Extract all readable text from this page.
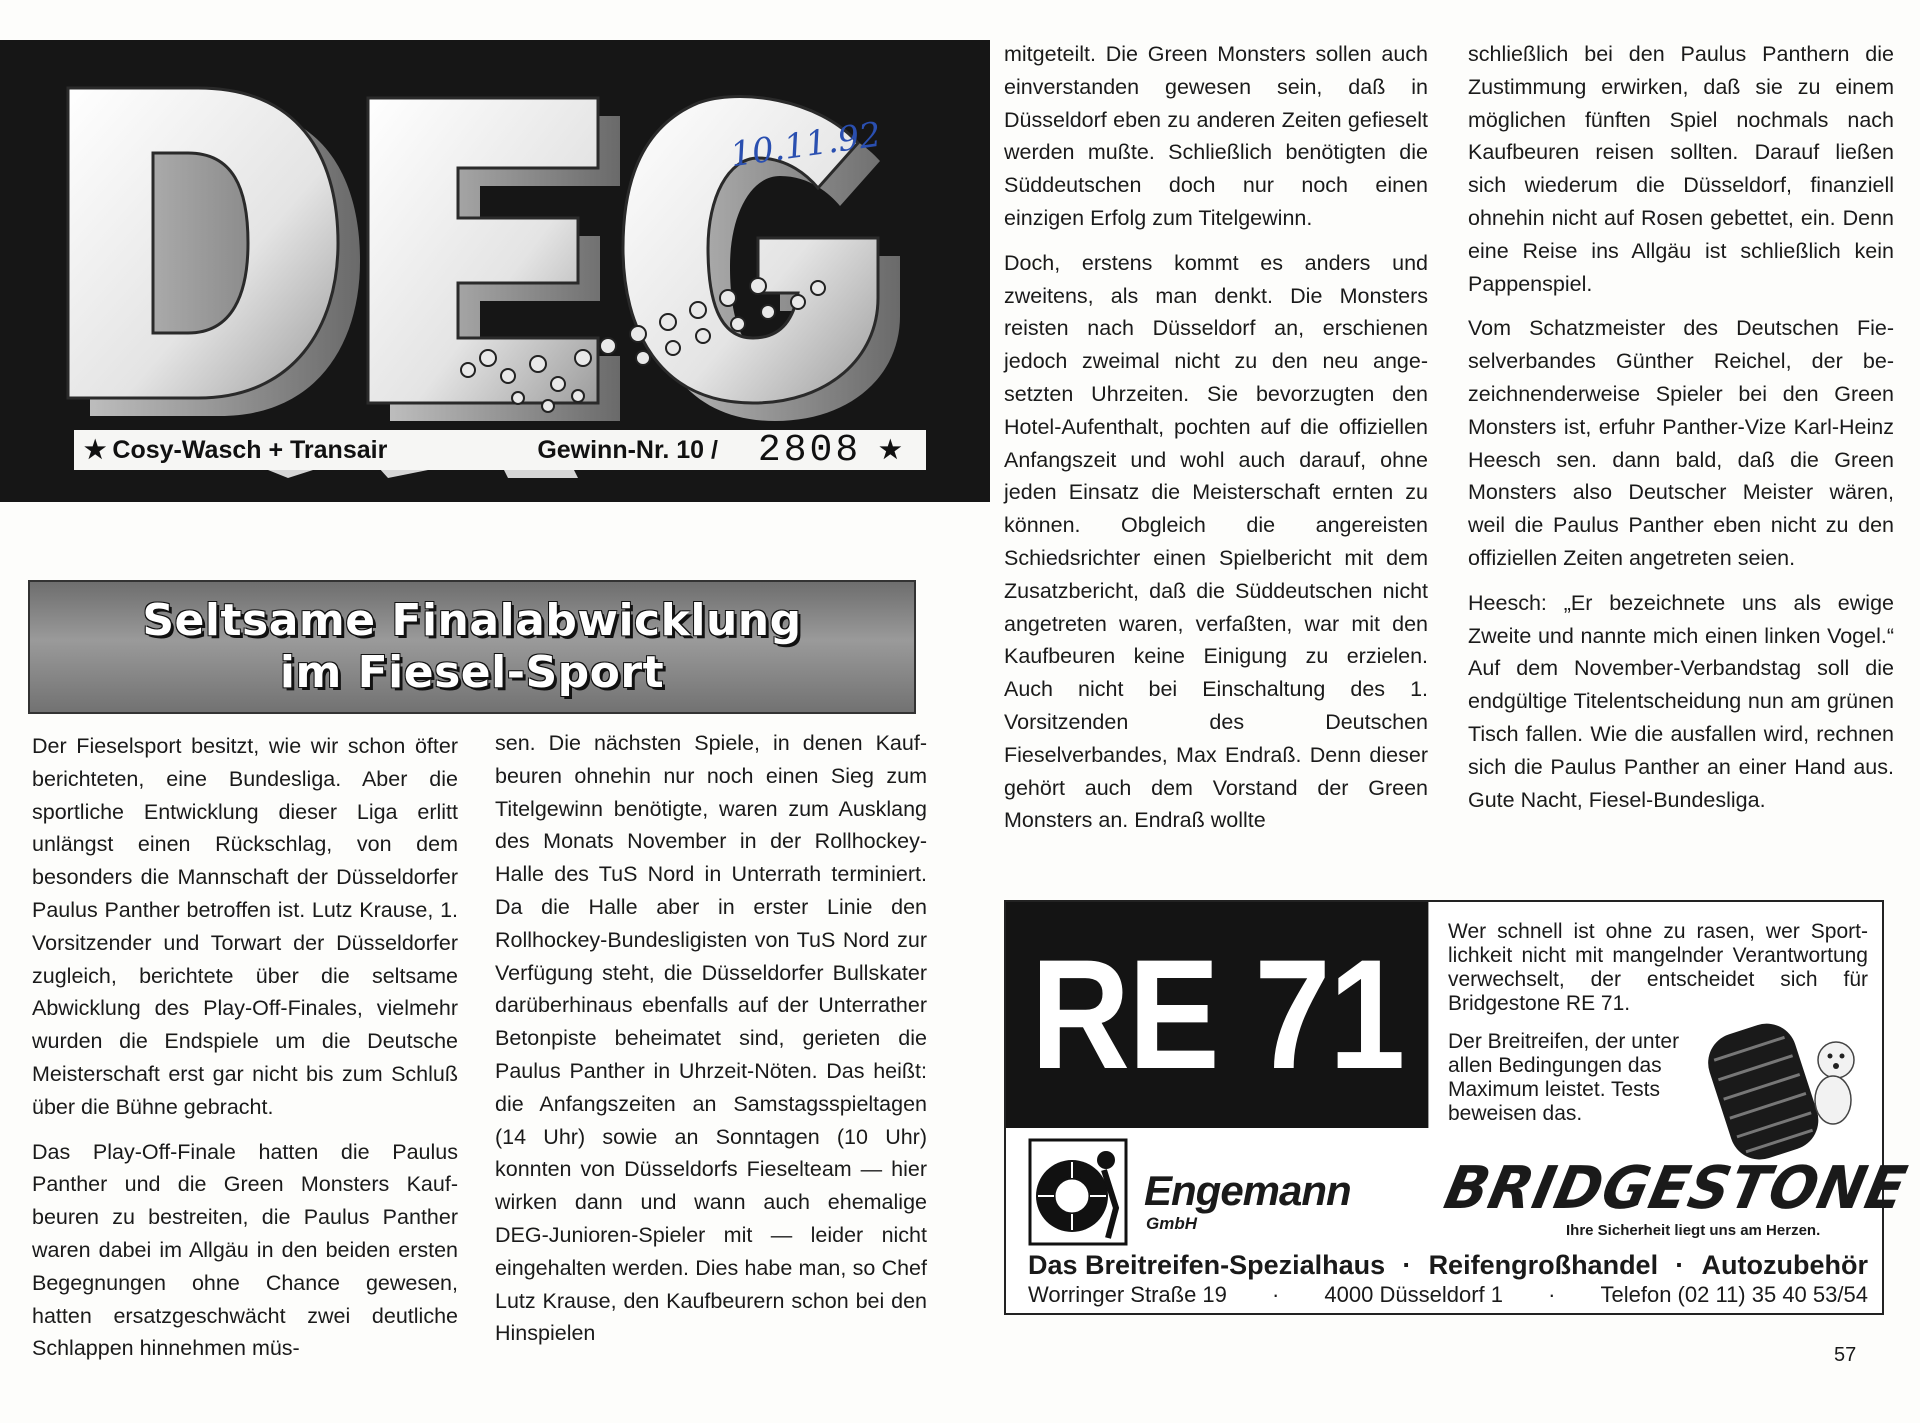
10.11.92
★ Cosy-Wasch + Transair	Gewinn-Nr. 10 / 2808 ★
Seltsame Finalabwicklung
im Fiesel-Sport

Der Fieselsport besitzt, wie wir schon öfter berichteten, eine Bundesliga. Aber die sportliche Entwicklung dieser Liga erlitt unlängst einen Rückschlag, von dem besonders die Mannschaft der Düsseldorfer Paulus Panther betroffen ist. Lutz Krause, 1. Vorsitzender und Torwart der Düsseldorfer zugleich, berichtete über die seltsame Abwicklung des Play-Off-Finales, vielmehr wurden die Endspiele um die Deutsche Meisterschaft erst gar nicht bis zum Schluß über die Bühne gebracht.

Das Play-Off-Finale hatten die Paulus Panther und die Green Monsters Kaufbeuren zu bestreiten, die Paulus Panther waren dabei im Allgäu in den beiden ersten Begegnungen ohne Chance gewesen, hatten ersatzgeschwächt zwei deutliche Schlappen hinnehmen müs-

sen. Die nächsten Spiele, in denen Kaufbeuren ohnehin nur noch einen Sieg zum Titelgewinn benötigte, waren zum Ausklang des Monats November in der Rollhockey-Halle des TuS Nord in Unterrath terminiert. Da die Halle aber in erster Linie den Rollhockey-Bundesligisten von TuS Nord zur Verfügung steht, die Düsseldorfer Bullskater darüberhinaus ebenfalls auf der Unterrather Betonpiste beheimatet sind, gerieten die Paulus Panther in Uhrzeit-Nöten. Das heißt: die Anfangszeiten an Samstagsspieltagen (14 Uhr) sowie an Sonntagen (10 Uhr) konnten von Düsseldorfs Fieselteam — hier wirken dann und wann auch ehemalige DEG-Junioren-Spieler mit — leider nicht eingehalten werden. Dies habe man, so Chef Lutz Krause, den Kaufbeurern schon bei den Hinspielen

mitgeteilt. Die Green Monsters sollen auch einverstanden gewesen sein, daß in Düsseldorf eben zu anderen Zeiten gefieselt werden mußte. Schließlich benötigten die Süddeutschen doch nur noch einen einzigen Erfolg zum Titelgewinn.

Doch, erstens kommt es anders und zweitens, als man denkt. Die Monsters reisten nach Düsseldorf an, erschienen jedoch zweimal nicht zu den neu angesetzten Uhrzeiten. Sie bevorzugten den Hotel-Aufenthalt, pochten auf die offiziellen Anfangszeit und wohl auch darauf, ohne jeden Einsatz die Meisterschaft ernten zu können. Obgleich die angereisten Schiedsrichter einen Spielbericht mit dem Zusatzbericht, daß die Süddeutschen nicht angetreten waren, verfaßten, war mit den Kaufbeuren keine Einigung zu erzielen. Auch nicht bei Einschaltung des 1. Vorsitzenden des Deutschen Fieselverbandes, Max Endraß. Denn dieser gehört auch dem Vorstand der Green Monsters an. Endraß wollte

schließlich bei den Paulus Panthern die Zustimmung erwirken, daß sie zu einem möglichen fünften Spiel nochmals nach Kaufbeuren reisen sollten. Darauf ließen sich wiederum die Düsseldorf, finanziell ohnehin nicht auf Rosen gebettet, ein. Denn eine Reise ins Allgäu ist schließlich kein Pappenspiel.

Vom Schatzmeister des Deutschen Fieselverbandes Günther Reichel, der bezeichnenderweise Spieler bei den Green Monsters ist, erfuhr Panther-Vize Karl-Heinz Heesch sen. dann bald, daß die Green Monsters also Deutscher Meister wären, weil die Paulus Panther eben nicht zu den offiziellen Zeiten angetreten seien.

Heesch: „Er bezeichnete uns als ewige Zweite und nannte mich einen linken Vogel.“ Auf dem November-Verbandstag soll die endgültige Titelentscheidung nun am grünen Tisch fallen. Wie die ausfallen wird, rechnen sich die Paulus Panther an einer Hand aus. Gute Nacht, Fiesel-Bundesliga.

RE 71	Wer schnell ist ohne zu rasen, wer Sportlichkeit nicht mit mangelnder Verantwortung verwechselt, der entscheidet sich für Bridgestone RE 71.
Der Breitreifen, der unter allen Bedingungen das Maximum leistet. Tests beweisen das.
Engemann
GmbH
BRIDGESTONE
Ihre Sicherheit liegt uns am Herzen.
Das Breitreifen-Spezialhaus · Reifengroßhandel · Autozubehör
Worringer Straße 19 · 4000 Düsseldorf 1 · Telefon (02 11) 35 40 53/54
57
